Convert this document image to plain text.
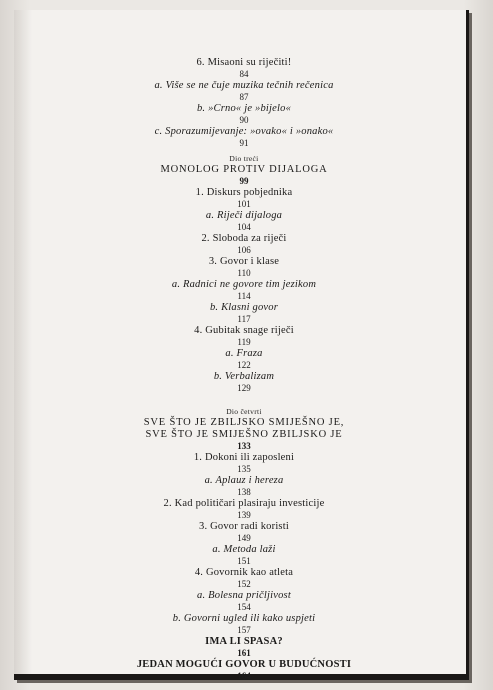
6. Misaoni su riječiti!
84
a. Više se ne čuje muzika tečnih rečenica
87
b. »Crno« je »bijelo«
90
c. Sporazumijevanje: »ovako« i »onako«
91
Dio treći
MONOLOG PROTIV DIJALOGA
99
1. Diskurs pobjednika
101
a. Riječi dijaloga
104
2. Sloboda za riječi
106
3. Govor i klase
110
a. Radnici ne govore tim jezikom
114
b. Klasni govor
117
4. Gubitak snage riječi
119
a. Fraza
122
b. Verbalizam
129
Dio četvrti
SVE ŠTO JE ZBILJSKO SMIJEŠNO JE,
SVE ŠTO JE SMIJEŠNO ZBILJSKO JE
133
1. Dokoni ili zaposleni
135
a. Aplauz i hereza
138
2. Kad političari plasiraju investicije
139
3. Govor radi koristi
149
a. Metoda laži
151
4. Govornik kao atleta
152
a. Bolesna pričljivost
154
b. Govorni ugled ili kako uspjeti
157
IMA LI SPASA?
161
JEDAN MOGUĆI GOVOR U BUDUĆNOSTI
164
